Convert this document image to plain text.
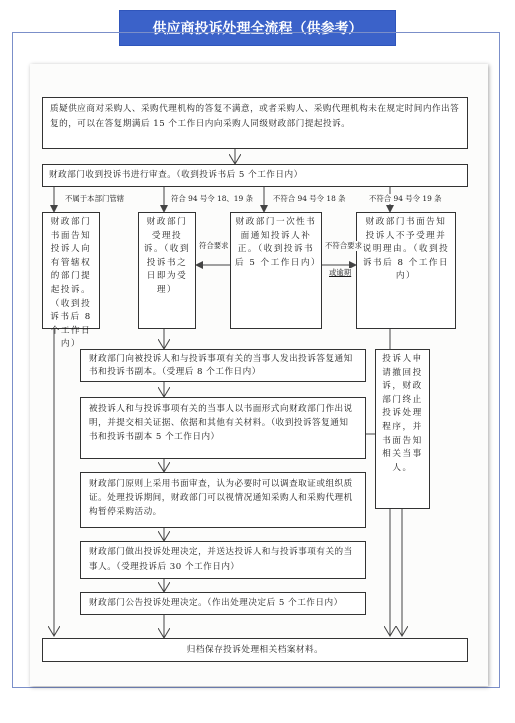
供应商投诉处理全流程（供参考）
质疑供应商对采购人、采购代理机构的答复不满意，或者采购人、采购代理机构未在规定时间内作出答复的，可以在答复期满后 15 个工作日内向采购人同级财政部门提起投诉。
财政部门收到投诉书进行审查。（收到投诉书后 5 个工作日内）
不属于本部门管辖	符合 94 号令 18、19 条	不符合 94 号令 18 条	不符合 94 号令 19 条
财政部门书面告知投诉人向有管辖权的部门提起投诉。（收到投诉书后 8 个工作日内）
财政部门受理投诉。（收到投诉书之日即为受理）
财政部门一次性书面通知投诉人补正。（收到投诉书后 5 个工作日内）
财政部门书面告知投诉人不予受理并说明理由。（收到投诉书后 8 个工作日内）
符合要求	不符合要求
或逾期
财政部门向被投诉人和与投诉事项有关的当事人发出投诉答复通知书和投诉书副本。（受理后 8 个工作日内）
被投诉人和与投诉事项有关的当事人以书面形式向财政部门作出说明，并提交相关证据、依据和其他有关材料。（收到投诉答复通知书和投诉书副本 5 个工作日内）
财政部门原则上采用书面审查，认为必要时可以调查取证或组织质证。处理投诉期间，财政部门可以视情况通知采购人和采购代理机构暂停采购活动。
财政部门做出投诉处理决定，并送达投诉人和与投诉事项有关的当事人。（受理投诉后 30 个工作日内）
财政部门公告投诉处理决定。（作出处理决定后 5 个工作日内）
投诉人申请撤回投诉，财政部门终止投诉处理程序，并书面告知相关当事人。
归档保存投诉处理相关档案材料。
